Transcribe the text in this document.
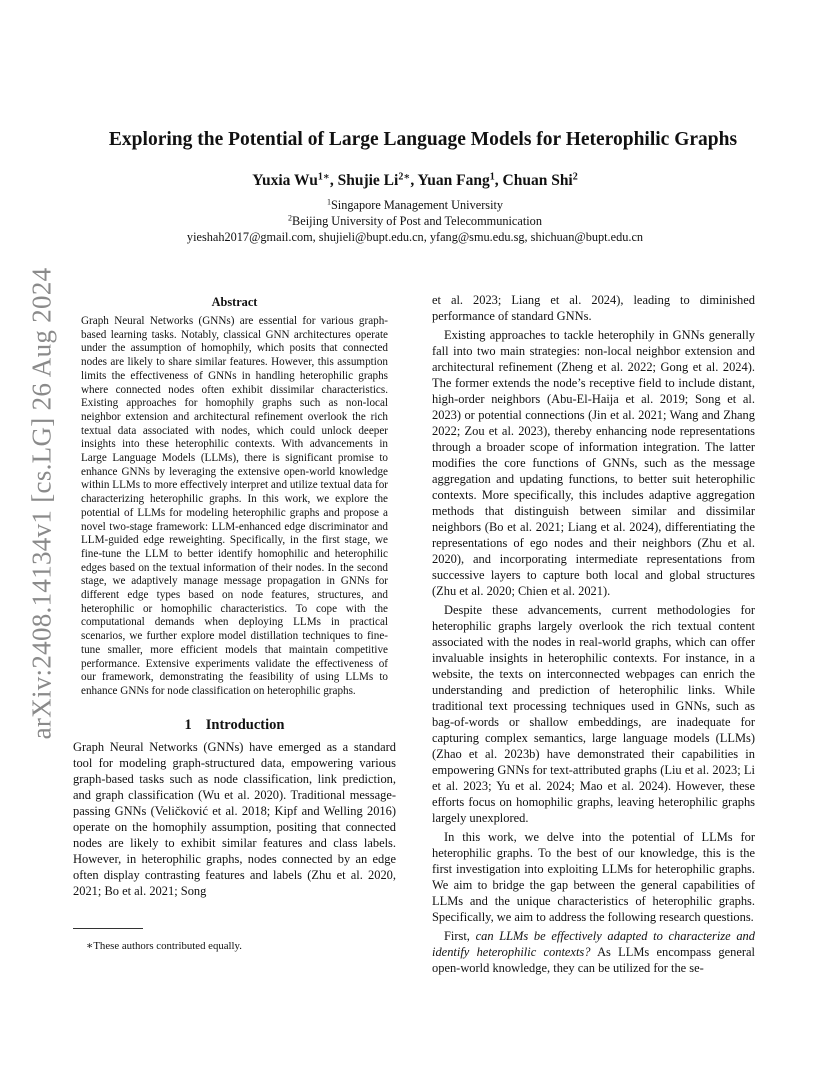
arXiv:2408.14134v1 [cs.LG] 26 Aug 2024
Exploring the Potential of Large Language Models for Heterophilic Graphs
Yuxia $Wu^{1∗}$, Shujie $Li^{2∗}$, Yuan Fang$^1$, Chuan Shi$^2$
$^1$Singapore Management University
$^2$Beijing University of Post and Telecommunication
yieshah2017@gmail.com, shujieli@bupt.edu.cn, yfang@smu.edu.sg, shichuan@bupt.edu.cn
Abstract

Graph Neural Networks (GNNs) are essential for various graph-based learning tasks. Notably, classical GNN architectures operate under the assumption of homophily, which posits that connected nodes are likely to share similar features. However, this assumption limits the effectiveness of GNNs in handling heterophilic graphs where connected nodes often exhibit dissimilar characteristics. Existing approaches for homophily graphs such as non-local neighbor extension and architectural refinement overlook the rich textual data associated with nodes, which could unlock deeper insights into these heterophilic contexts. With advancements in Large Language Models (LLMs), there is significant promise to enhance GNNs by leveraging the extensive open-world knowledge within LLMs to more effectively interpret and utilize textual data for characterizing heterophilic graphs. In this work, we explore the potential of LLMs for modeling heterophilic graphs and propose a novel two-stage framework: LLM-enhanced edge discriminator and LLM-guided edge reweighting. Specifically, in the first stage, we fine-tune the LLM to better identify homophilic and heterophilic edges based on the textual information of their nodes. In the second stage, we adaptively manage message propagation in GNNs for different edge types based on node features, structures, and heterophilic or homophilic characteristics. To cope with the computational demands when deploying LLMs in practical scenarios, we further explore model distillation techniques to fine-tune smaller, more efficient models that maintain competitive performance. Extensive experiments validate the effectiveness of our framework, demonstrating the feasibility of using LLMs to enhance GNNs for node classification on heterophilic graphs.

1 Introduction

Graph Neural Networks (GNNs) have emerged as a standard tool for modeling graph-structured data, empowering various graph-based tasks such as node classification, link prediction, and graph classification (Wu et al. 2020). Traditional message-passing GNNs (Veličković et al. 2018; Kipf and Welling 2016) operate on the homophily assumption, positing that connected nodes are likely to exhibit similar features and class labels. However, in heterophilic graphs, nodes connected by an edge often display contrasting features and labels (Zhu et al. 2020, 2021; Bo et al. 2021; Song

∗These authors contributed equally.

et al. 2023; Liang et al. 2024), leading to diminished performance of standard GNNs.

Existing approaches to tackle heterophily in GNNs generally fall into two main strategies: non-local neighbor extension and architectural refinement (Zheng et al. 2022; Gong et al. 2024). The former extends the node’s receptive field to include distant, high-order neighbors (Abu-El-Haija et al. 2019; Song et al. 2023) or potential connections (Jin et al. 2021; Wang and Zhang 2022; Zou et al. 2023), thereby enhancing node representations through a broader scope of information integration. The latter modifies the core functions of GNNs, such as the message aggregation and updating functions, to better suit heterophilic contexts. More specifically, this includes adaptive aggregation methods that distinguish between similar and dissimilar neighbors (Bo et al. 2021; Liang et al. 2024), differentiating the representations of ego nodes and their neighbors (Zhu et al. 2020), and incorporating intermediate representations from successive layers to capture both local and global structures (Zhu et al. 2020; Chien et al. 2021).

Despite these advancements, current methodologies for heterophilic graphs largely overlook the rich textual content associated with the nodes in real-world graphs, which can offer invaluable insights in heterophilic contexts. For instance, in a website, the texts on interconnected webpages can enrich the understanding and prediction of heterophilic links. While traditional text processing techniques used in GNNs, such as bag-of-words or shallow embeddings, are inadequate for capturing complex semantics, large language models (LLMs) (Zhao et al. 2023b) have demonstrated their capabilities in empowering GNNs for text-attributed graphs (Liu et al. 2023; Li et al. 2023; Yu et al. 2024; Mao et al. 2024). However, these efforts focus on homophilic graphs, leaving heterophilic graphs largely unexplored.

In this work, we delve into the potential of LLMs for heterophilic graphs. To the best of our knowledge, this is the first investigation into exploiting LLMs for heterophilic graphs. We aim to bridge the gap between the general capabilities of LLMs and the unique characteristics of heterophilic graphs. Specifically, we aim to address the following research questions.

First, can LLMs be effectively adapted to characterize and identify heterophilic contexts? As LLMs encompass general open-world knowledge, they can be utilized for the se-
